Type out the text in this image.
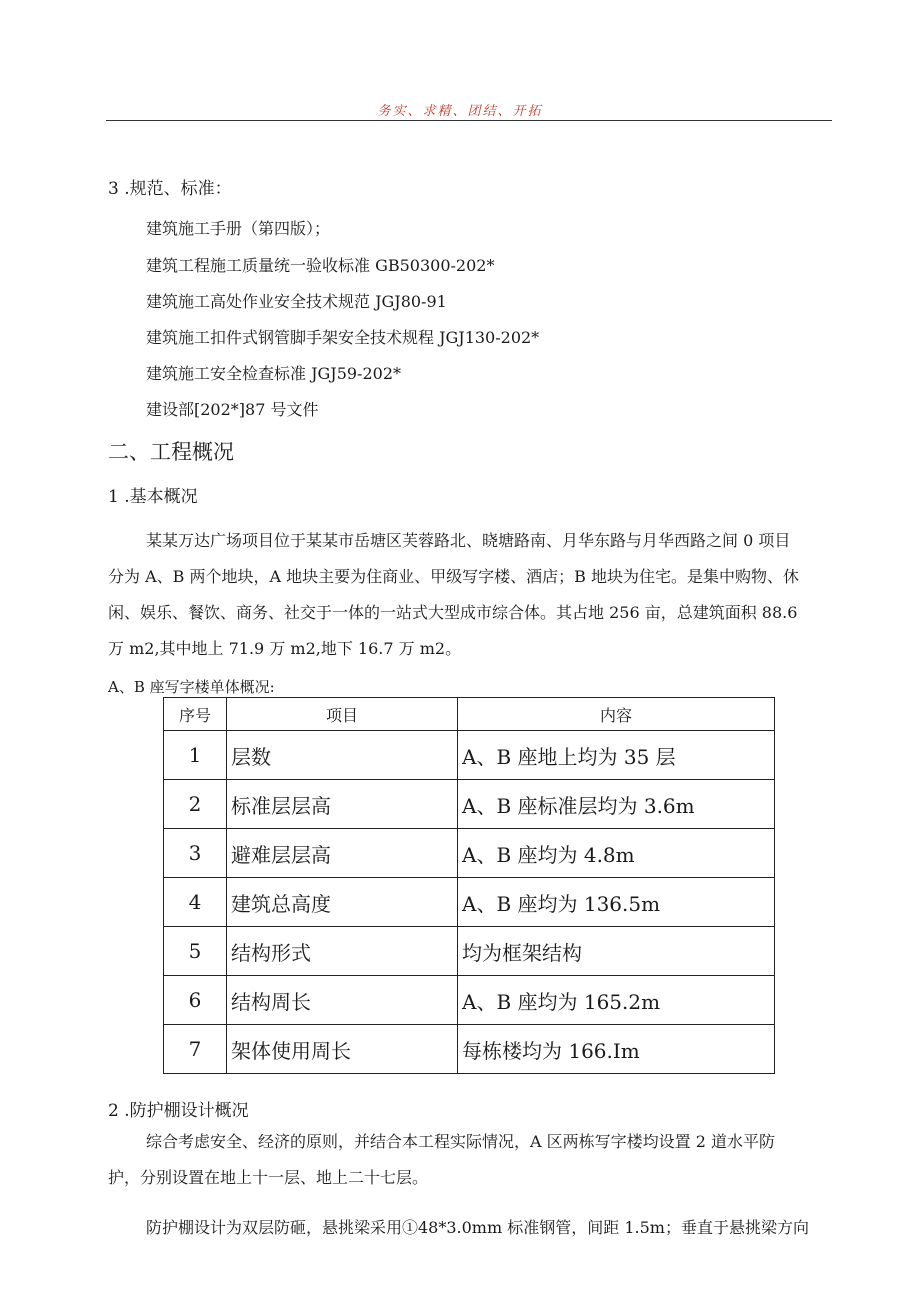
务实、求精、团结、开拓
3 .规范、标准：
建筑施工手册（第四版）；
建筑工程施工质量统一验收标准 GB50300-202*
建筑施工高处作业安全技术规范 JGJ80-91
建筑施工扣件式钢管脚手架安全技术规程 JGJ130-202*
建筑施工安全检查标准 JGJ59-202*
建设部[202*]87 号文件
二、工程概况
1 .基本概况
某某万达广场项目位于某某市岳塘区芙蓉路北、晓塘路南、月华东路与月华西路之间 0 项目
分为 A、B 两个地块，A 地块主要为住商业、甲级写字楼、酒店；B 地块为住宅。是集中购物、休
闲、娱乐、餐饮、商务、社交于一体的一站式大型成市综合体。其占地 256 亩，总建筑面积 88.6
万 m2,其中地上 71.9 万 m2,地下 16.7 万 m2。
A、B 座写字楼单体概况:
序号	项目	内容
1	层数	A、B 座地上均为 35 层
2	标准层层高	A、B 座标准层均为 3.6m
3	避难层层高	A、B 座均为 4.8m
4	建筑总高度	A、B 座均为 136.5m
5	结构形式	均为框架结构
6	结构周长	A、B 座均为 165.2m
7	架体使用周长	每栋楼均为 166.Im
2 .防护棚设计概况
综合考虑安全、经济的原则，并结合本工程实际情况，A 区两栋写字楼均设置 2 道水平防
护，分别设置在地上十一层、地上二十七层。
防护棚设计为双层防砸，悬挑梁采用①48*3.0mm 标准钢管，间距 1.5m；垂直于悬挑梁方向
